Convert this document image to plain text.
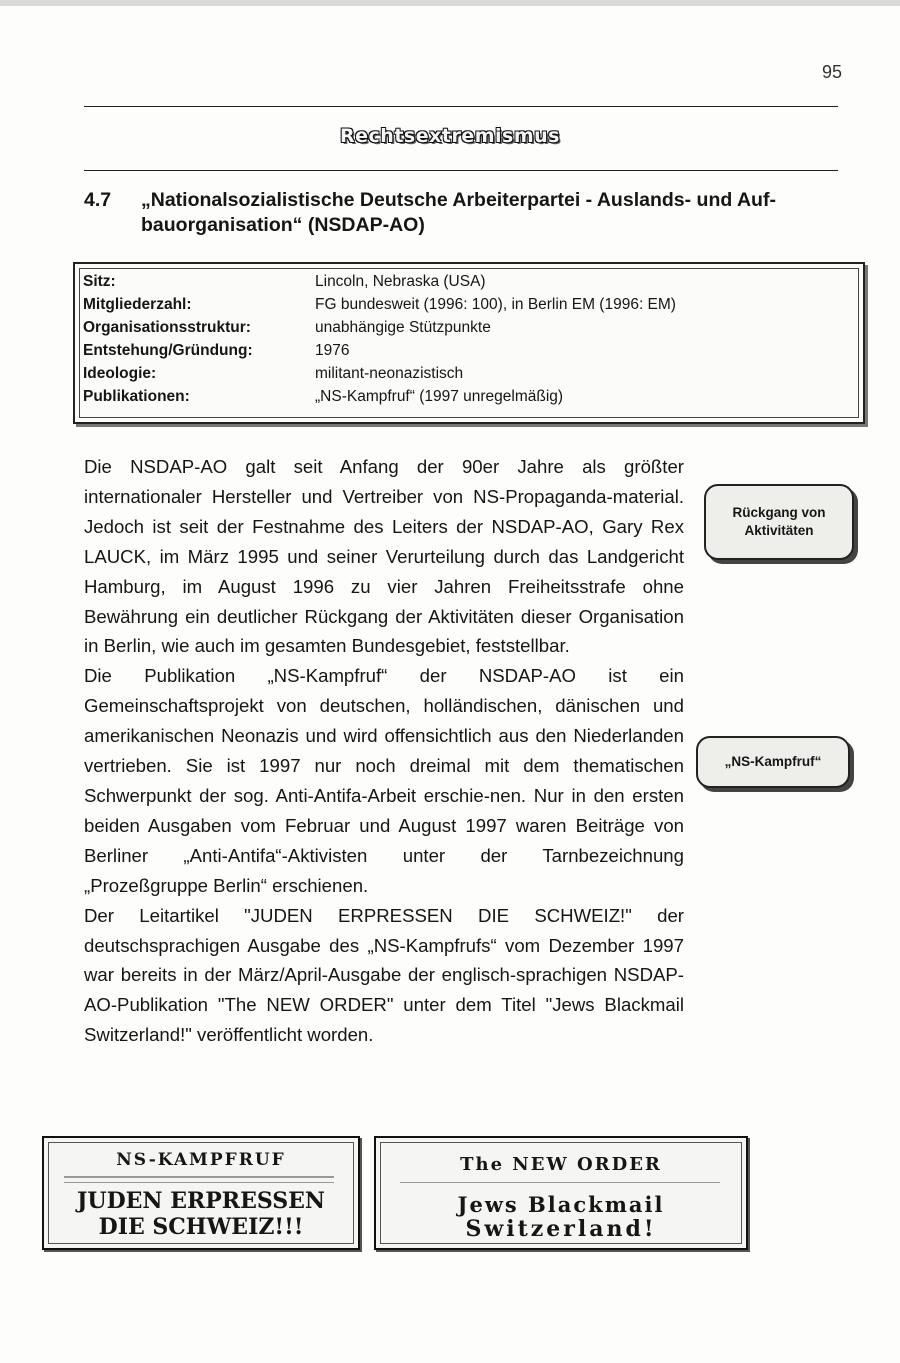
95
Rechtsextremismus
4.7 „Nationalsozialistische Deutsche Arbeiterpartei - Auslands- und Auf-
bauorganisation“ (NSDAP-AO)
Sitz:	Lincoln, Nebraska (USA)
Mitgliederzahl:	FG bundesweit (1996: 100), in Berlin EM (1996: EM)
Organisationsstruktur:	unabhängige Stützpunkte
Entstehung/Gründung:	1976
Ideologie:	militant-neonazistisch
Publikationen:	„NS-Kampfruf“ (1997 unregelmäßig)

Die NSDAP-AO galt seit Anfang der 90er Jahre als größter internationaler Hersteller und Vertreiber von NS-Propaganda-material. Jedoch ist seit der Festnahme des Leiters der NSDAP-AO, Gary Rex LAUCK, im März 1995 und seiner Verurteilung durch das Landgericht Hamburg, im August 1996 zu vier Jahren Freiheitsstrafe ohne Bewährung ein deutlicher Rückgang der Aktivitäten dieser Organisation in Berlin, wie auch im gesamten Bundesgebiet, feststellbar.

Die Publikation „NS-Kampfruf“ der NSDAP-AO ist ein Gemeinschaftsprojekt von deutschen, holländischen, dänischen und amerikanischen Neonazis und wird offensichtlich aus den Niederlanden vertrieben. Sie ist 1997 nur noch dreimal mit dem thematischen Schwerpunkt der sog. Anti-Antifa-Arbeit erschie-nen. Nur in den ersten beiden Ausgaben vom Februar und August 1997 waren Beiträge von Berliner „Anti-Antifa“-Aktivisten unter der Tarnbezeichnung „Prozeßgruppe Berlin“ erschienen.

Der Leitartikel "JUDEN ERPRESSEN DIE SCHWEIZ!" der deutschsprachigen Ausgabe des „NS-Kampfrufs“ vom Dezember 1997 war bereits in der März/April-Ausgabe der englisch-sprachigen NSDAP-AO-Publikation "The NEW ORDER" unter dem Titel "Jews Blackmail Switzerland!" veröffentlicht worden.

Rückgang von
Aktivitäten
„NS-Kampfruf“
NS-KAMPFRUF
JUDEN ERPRESSEN
DIE SCHWEIZ!!!
The NEW ORDER
Jews Blackmail
Switzerland!
